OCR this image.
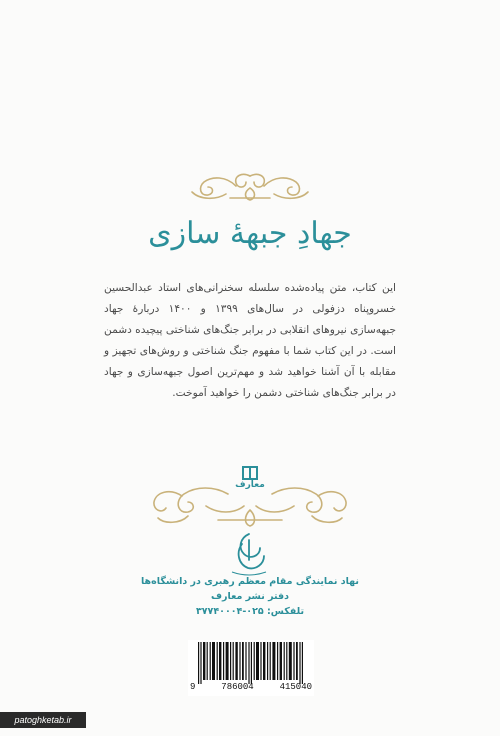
جهادِ جبههٔ سازی
این کتاب، متن پیاده‌شده سلسله سخنرانی‌های استاد عبدالحسین خسروپناه دزفولی در سال‌های ۱۳۹۹ و ۱۴۰۰ دربارهٔ جهاد جبهه‌سازی نیروهای انقلابی در برابر جنگ‌های شناختی پیچیده دشمن است. در این کتاب شما با مفهوم جنگ شناختی و روش‌های تجهیز و مقابله با آن آشنا خواهید شد و مهم‌ترین اصول جبهه‌سازی و جهاد در برابر جنگ‌های شناختی دشمن را خواهید آموخت.
معارف
نهاد نمایندگی مقام معظم رهبری در دانشگاه‌ها
دفتر نشر معارف
تلفکس: ۰۲۵-۳۷۷۴۰۰۰۴
9	786004	415040
patoghketab.ir
